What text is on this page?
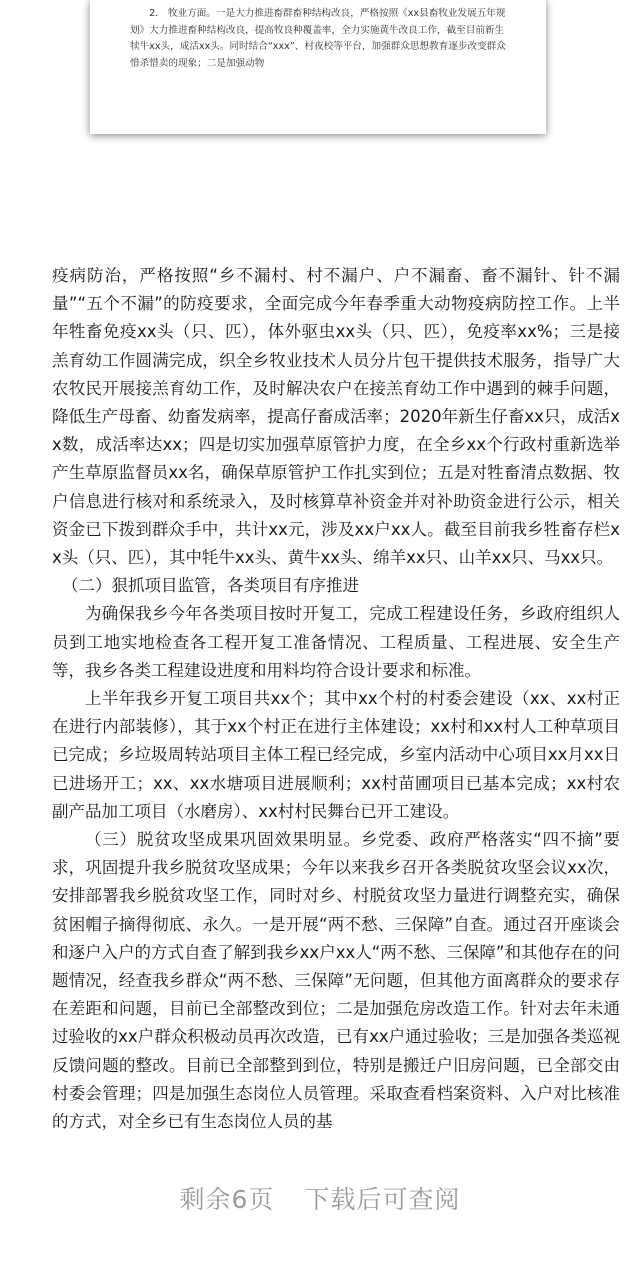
2． 牧业方面。一是大力推进畜群畜种结构改良，严格按照《xx县畜牧业发展五年规划》大力推进畜种结构改良，提高牧良种覆盖率，全力实施黄牛改良工作，截至目前新生犊牛xx头，成活xx头。同时结合“xxx”、村夜校等平台，加强群众思想教育逐步改变群众惜杀惜卖的现象；二是加强动物

疫病防治，严格按照“乡不漏村、村不漏户、户不漏畜、畜不漏针、针不漏量”“五个不漏”的防疫要求，全面完成今年春季重大动物疫病防控工作。上半年牲畜免疫xx头（只、匹），体外驱虫xx头（只、匹），免疫率xx%；三是接羔育幼工作圆满完成，织全乡牧业技术人员分片包干提供技术服务，指导广大农牧民开展接羔育幼工作，及时解决农户在接羔育幼工作中遇到的棘手问题，降低生产母畜、幼畜发病率，提高仔畜成活率；2020年新生仔畜xx只，成活xx数，成活率达xx；四是切实加强草原管护力度，在全乡xx个行政村重新选举产生草原监督员xx名，确保草原管护工作扎实到位；五是对牲畜清点数据、牧户信息进行核对和系统录入，及时核算草补资金并对补助资金进行公示，相关资金已下拨到群众手中，共计xx元，涉及xx户xx人。截至目前我乡牲畜存栏xx头（只、匹），其中牦牛xx头、黄牛xx头、绵羊xx只、山羊xx只、马xx只。

（二）狠抓项目监管，各类项目有序推进

为确保我乡今年各类项目按时开复工，完成工程建设任务，乡政府组织人员到工地实地检查各工程开复工准备情况、工程质量、工程进展、安全生产等，我乡各类工程建设进度和用料均符合设计要求和标准。

上半年我乡开复工项目共xx个；其中xx个村的村委会建设（xx、xx村正在进行内部装修），其于xx个村正在进行主体建设；xx村和xx村人工种草项目已完成；乡垃圾周转站项目主体工程已经完成，乡室内活动中心项目xx月xx日已进场开工；xx、xx水塘项目进展顺利；xx村苗圃项目已基本完成；xx村农副产品加工项目（水磨房）、xx村村民舞台已开工建设。

（三）脱贫攻坚成果巩固效果明显。乡党委、政府严格落实“四不摘”要求，巩固提升我乡脱贫攻坚成果；今年以来我乡召开各类脱贫攻坚会议xx次，安排部署我乡脱贫攻坚工作，同时对乡、村脱贫攻坚力量进行调整充实，确保贫困帽子摘得彻底、永久。一是开展“两不愁、三保障”自查。通过召开座谈会和逐户入户的方式自查了解到我乡xx户xx人“两不愁、三保障”和其他存在的问题情况，经查我乡群众“两不愁、三保障”无问题，但其他方面离群众的要求存在差距和问题，目前已全部整改到位；二是加强危房改造工作。针对去年未通过验收的xx户群众积极动员再次改造，已有xx户通过验收；三是加强各类巡视反馈问题的整改。目前已全部整到到位，特别是搬迁户旧房问题，已全部交由村委会管理；四是加强生态岗位人员管理。采取查看档案资料、入户对比核准的方式，对全乡已有生态岗位人员的基

剩余6页 下载后可查阅
